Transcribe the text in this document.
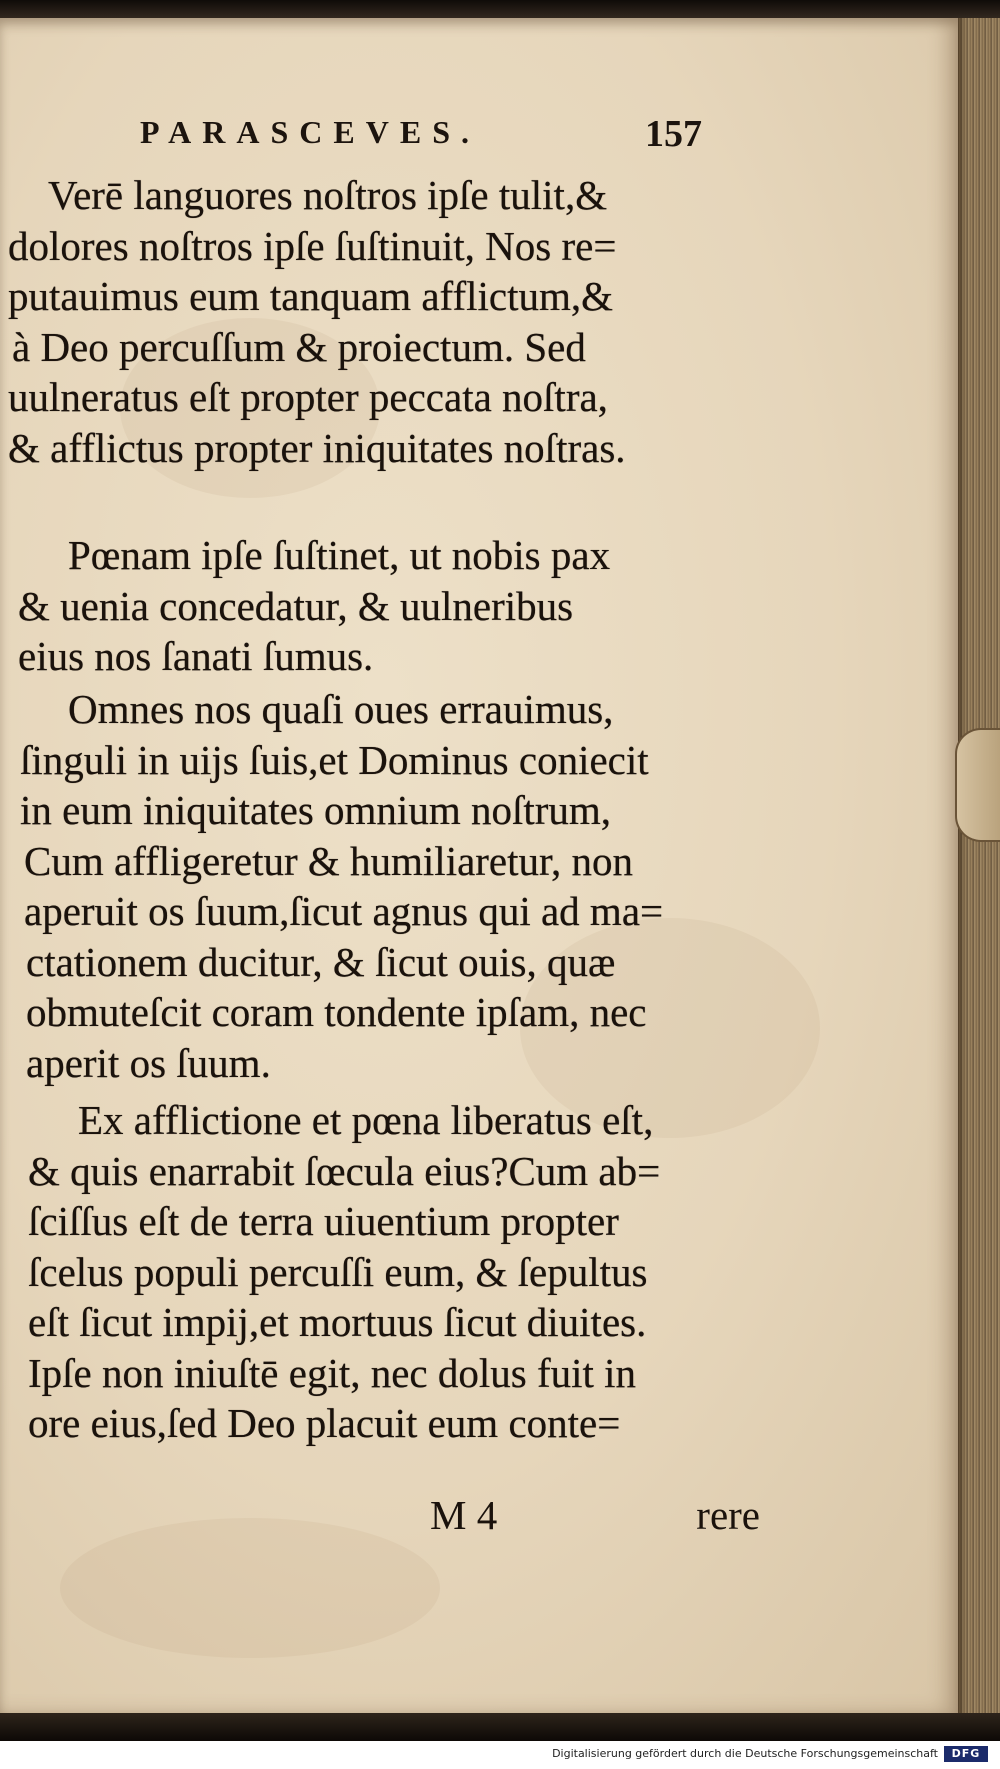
PARASCEVES.	157
Verē languores noſtros ipſe tulit,&
dolores noſtros ipſe ſuſtinuit, Nos re=
putauimus eum tanquam afflictum,&
à Deo percuſſum & proiectum. Sed
uulneratus eſt propter peccata noſtra,
& afflictus propter iniquitates noſtras.
Pœnam ipſe ſuſtinet, ut nobis pax
& uenia concedatur, & uulneribus
eius nos ſanati ſumus.
Omnes nos quaſi oues errauimus,
ſinguli in uijs ſuis,et Dominus coniecit
in eum iniquitates omnium noſtrum,
Cum affligeretur & humiliaretur, non
aperuit os ſuum,ſicut agnus qui ad ma=
ctationem ducitur, & ſicut ouis, quæ
obmuteſcit coram tondente ipſam, nec
aperit os ſuum.
Ex afflictione et pœna liberatus eſt,
& quis enarrabit ſœcula eius?Cum ab=
ſciſſus eſt de terra uiuentium propter
ſcelus populi percuſſi eum, & ſepultus
eſt ſicut impij,et mortuus ſicut diuites.
Ipſe non iniuſtē egit, nec dolus fuit in
ore eius,ſed Deo placuit eum conte=
M 4	rere
Digitalisierung gefördert durch die Deutsche Forschungsgemeinschaft	DFG
